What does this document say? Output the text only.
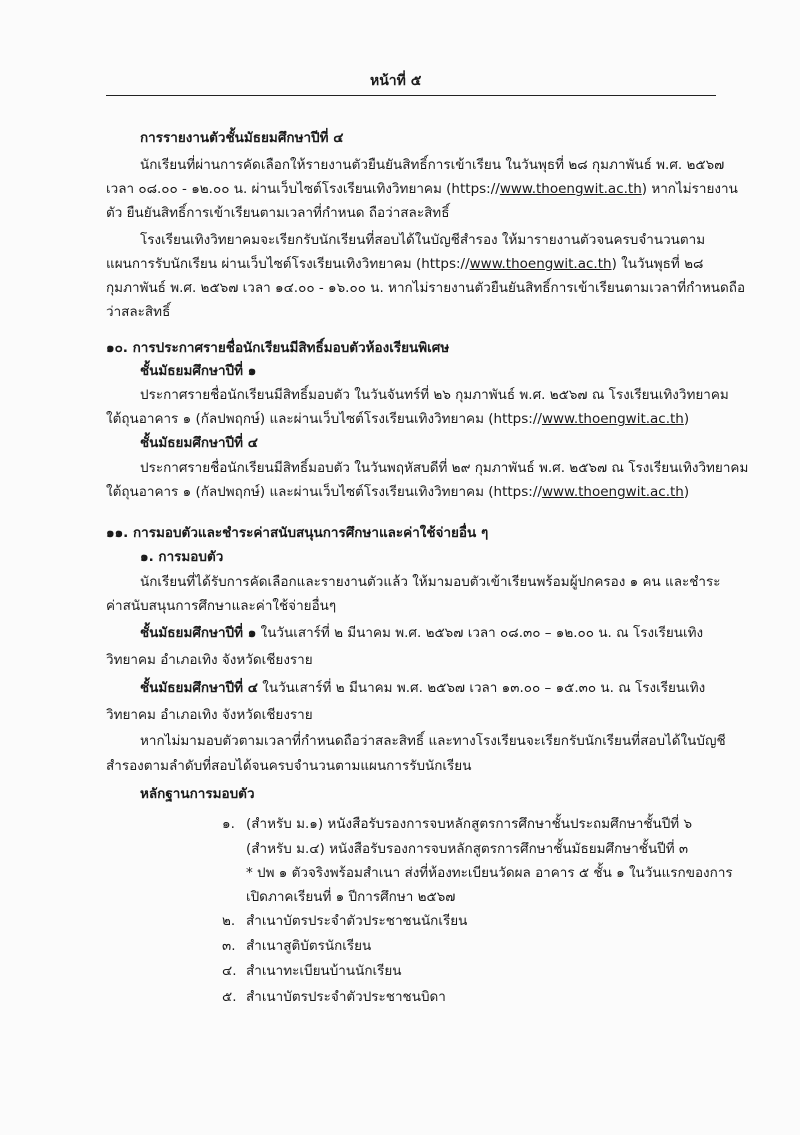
หน้าที่ ๕
การรายงานตัวชั้นมัธยมศึกษาปีที่ ๔
นักเรียนที่ผ่านการคัดเลือกให้รายงานตัวยืนยันสิทธิ์การเข้าเรียน ในวันพุธที่ ๒๘ กุมภาพันธ์ พ.ศ. ๒๕๖๗
เวลา ๐๘.๐๐ - ๑๒.๐๐ น. ผ่านเว็บไซต์โรงเรียนเทิงวิทยาคม (https://www.thoengwit.ac.th) หากไม่รายงาน
ตัว ยืนยันสิทธิ์การเข้าเรียนตามเวลาที่กำหนด ถือว่าสละสิทธิ์
โรงเรียนเทิงวิทยาคมจะเรียกรับนักเรียนที่สอบได้ในบัญชีสำรอง ให้มารายงานตัวจนครบจำนวนตาม
แผนการรับนักเรียน ผ่านเว็บไซต์โรงเรียนเทิงวิทยาคม (https://www.thoengwit.ac.th) ในวันพุธที่ ๒๘
กุมภาพันธ์ พ.ศ. ๒๕๖๗ เวลา ๑๔.๐๐ - ๑๖.๐๐ น. หากไม่รายงานตัวยืนยันสิทธิ์การเข้าเรียนตามเวลาที่กำหนดถือ
ว่าสละสิทธิ์
๑๐. การประกาศรายชื่อนักเรียนมีสิทธิ์มอบตัวห้องเรียนพิเศษ
ชั้นมัธยมศึกษาปีที่ ๑
ประกาศรายชื่อนักเรียนมีสิทธิ์มอบตัว ในวันจันทร์ที่ ๒๖ กุมภาพันธ์ พ.ศ. ๒๕๖๗ ณ โรงเรียนเทิงวิทยาคม
ใต้ถุนอาคาร ๑ (กัลปพฤกษ์) และผ่านเว็บไซต์โรงเรียนเทิงวิทยาคม (https://www.thoengwit.ac.th)
ชั้นมัธยมศึกษาปีที่ ๔
ประกาศรายชื่อนักเรียนมีสิทธิ์มอบตัว ในวันพฤหัสบดีที่ ๒๙ กุมภาพันธ์ พ.ศ. ๒๕๖๗ ณ โรงเรียนเทิงวิทยาคม
ใต้ถุนอาคาร ๑ (กัลปพฤกษ์) และผ่านเว็บไซต์โรงเรียนเทิงวิทยาคม (https://www.thoengwit.ac.th)
๑๑. การมอบตัวและชำระค่าสนับสนุนการศึกษาและค่าใช้จ่ายอื่น ๆ
๑. การมอบตัว
นักเรียนที่ได้รับการคัดเลือกและรายงานตัวแล้ว ให้มามอบตัวเข้าเรียนพร้อมผู้ปกครอง ๑ คน และชำระ
ค่าสนับสนุนการศึกษาและค่าใช้จ่ายอื่นๆ
ชั้นมัธยมศึกษาปีที่ ๑ ในวันเสาร์ที่ ๒ มีนาคม พ.ศ. ๒๕๖๗ เวลา ๐๘.๓๐ – ๑๒.๐๐ น. ณ โรงเรียนเทิง
วิทยาคม อำเภอเทิง จังหวัดเชียงราย
ชั้นมัธยมศึกษาปีที่ ๔ ในวันเสาร์ที่ ๒ มีนาคม พ.ศ. ๒๕๖๗ เวลา ๑๓.๐๐ – ๑๕.๓๐ น. ณ โรงเรียนเทิง
วิทยาคม อำเภอเทิง จังหวัดเชียงราย
หากไม่มามอบตัวตามเวลาที่กำหนดถือว่าสละสิทธิ์ และทางโรงเรียนจะเรียกรับนักเรียนที่สอบได้ในบัญชี
สำรองตามลำดับที่สอบได้จนครบจำนวนตามแผนการรับนักเรียน
หลักฐานการมอบตัว
๑. (สำหรับ ม.๑) หนังสือรับรองการจบหลักสูตรการศึกษาชั้นประถมศึกษาชั้นปีที่ ๖
(สำหรับ ม.๔) หนังสือรับรองการจบหลักสูตรการศึกษาชั้นมัธยมศึกษาชั้นปีที่ ๓
* ปพ ๑ ตัวจริงพร้อมสำเนา ส่งที่ห้องทะเบียนวัดผล อาคาร ๕ ชั้น ๑ ในวันแรกของการ
เปิดภาคเรียนที่ ๑ ปีการศึกษา ๒๕๖๗
๒. สำเนาบัตรประจำตัวประชาชนนักเรียน
๓. สำเนาสูติบัตรนักเรียน
๔. สำเนาทะเบียนบ้านนักเรียน
๕. สำเนาบัตรประจำตัวประชาชนบิดา
